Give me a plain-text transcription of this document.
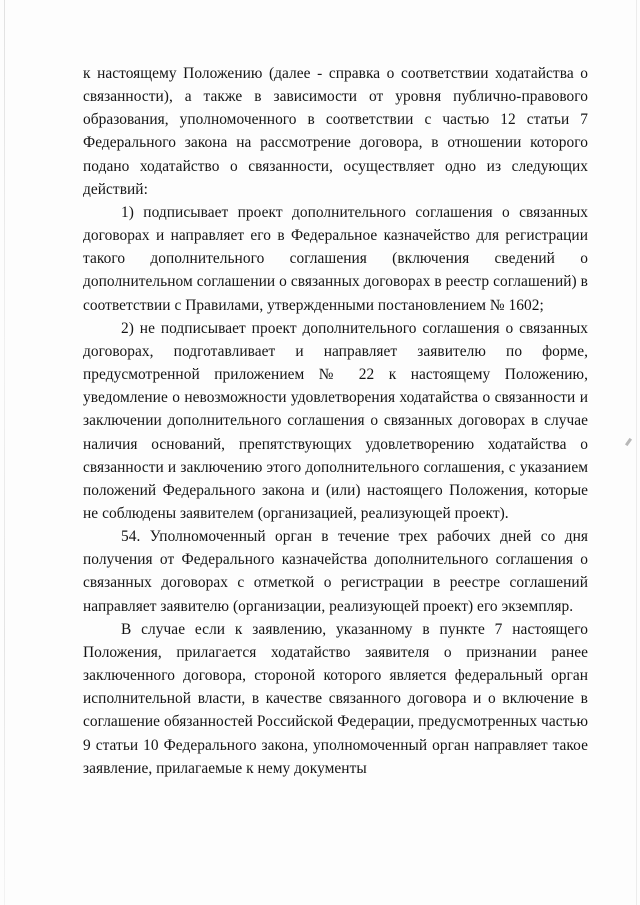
к настоящему Положению (далее - справка о соответствии ходатайства о связанности), а также в зависимости от уровня публично-правового образования, уполномоченного в соответствии с частью 12 статьи 7 Федерального закона на рассмотрение договора, в отношении которого подано ходатайство о связанности, осуществляет одно из следующих действий:

1) подписывает проект дополнительного соглашения о связанных договорах и направляет его в Федеральное казначейство для регистрации такого дополнительного соглашения (включения сведений о дополнительном соглашении о связанных договорах в реестр соглашений) в соответствии с Правилами, утвержденными постановлением № 1602;

2) не подписывает проект дополнительного соглашения о связанных договорах, подготавливает и направляет заявителю по форме, предусмотренной приложением № 22 к настоящему Положению, уведомление о невозможности удовлетворения ходатайства о связанности и заключении дополнительного соглашения о связанных договорах в случае наличия оснований, препятствующих удовлетворению ходатайства о связанности и заключению этого дополнительного соглашения, с указанием положений Федерального закона и (или) настоящего Положения, которые не соблюдены заявителем (организацией, реализующей проект).

54. Уполномоченный орган в течение трех рабочих дней со дня получения от Федерального казначейства дополнительного соглашения о связанных договорах с отметкой о регистрации в реестре соглашений направляет заявителю (организации, реализующей проект) его экземпляр.

В случае если к заявлению, указанному в пункте 7 настоящего Положения, прилагается ходатайство заявителя о признании ранее заключенного договора, стороной которого является федеральный орган исполнительной власти, в качестве связанного договора и о включение в соглашение обязанностей Российской Федерации, предусмотренных частью 9 статьи 10 Федерального закона, уполномоченный орган направляет такое заявление, прилагаемые к нему документы
